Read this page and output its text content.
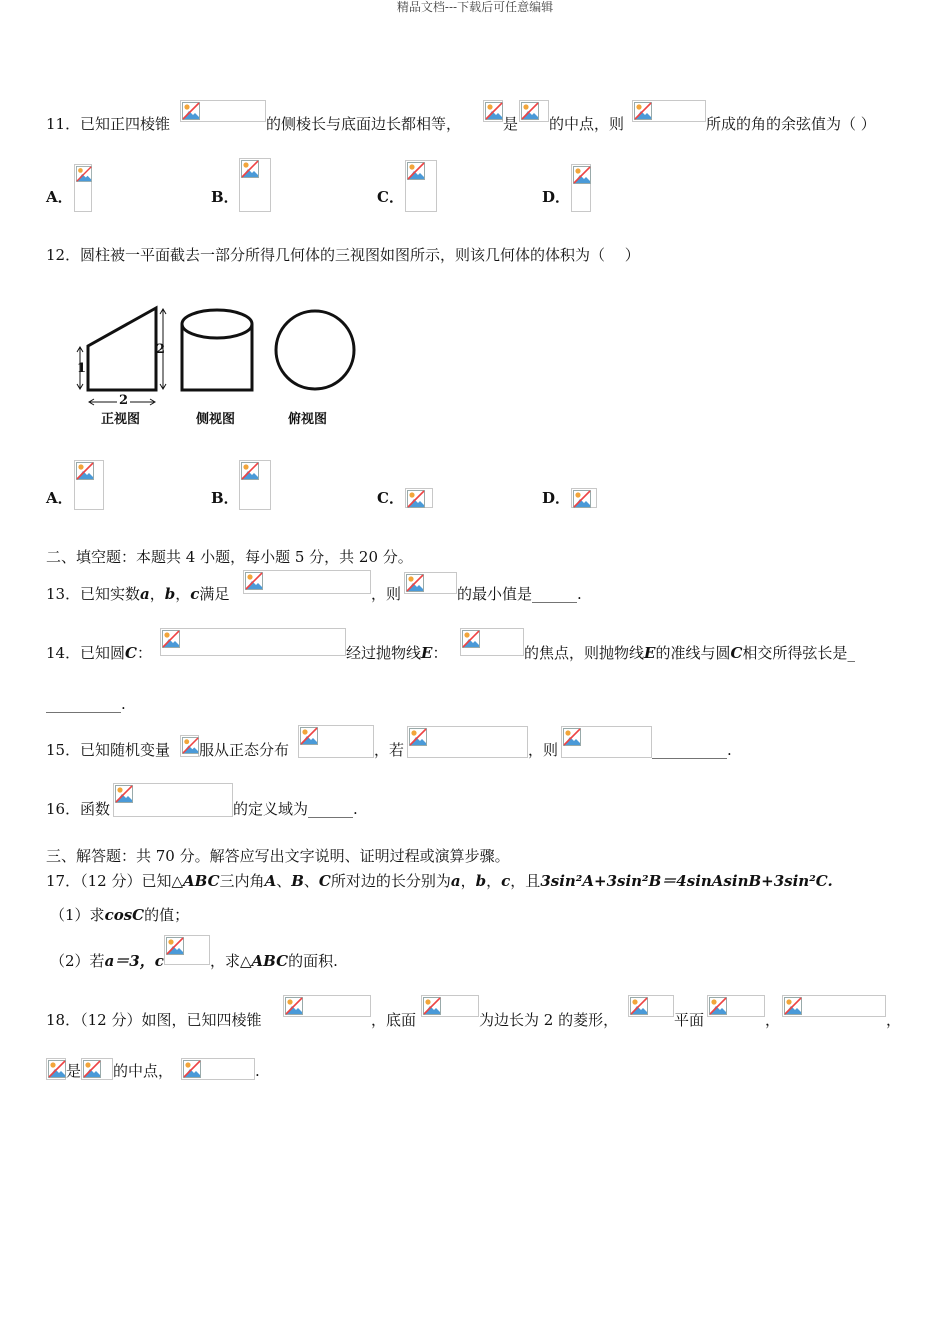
精品文档---下载后可任意编辑
11． 已知正四棱锥	的侧棱长与底面边长都相等，	是 的中点，则	所成的角的余弦值为（ ）
A．	B．	C．	D．
12． 圆柱被一平面截去一部分所得几何体的三视图如图所示，则该几何体的体积为（　 ）
1
2
2
正视图	侧视图	俯视图
A．	B．	C．	D．
二、填空题：本题共 4 小题，每小题 5 分，共 20 分。
13． 已知实数a，b，c满足	，则	的最小值是______.
14． 已知圆C：	经过抛物线E：	的焦点，则抛物线E的准线与圆C相交所得弦长是_
__________.
15． 已知随机变量 服从正态分布	，若	，则	__________.
16． 函数	的定义域为______.
三、解答题：共 70 分。解答应写出文字说明、证明过程或演算步骤。
17．（12 分）已知△ABC三内角A、B、C所对边的长分别为a，b，c，且3sin²A+3sin²B＝4sinAsinB+3sin²C.
（1）求cosC的值；
（2）若a＝3，c	，求△ABC的面积.
18．（12 分）如图，已知四棱锥	，底面	为边长为 2 的菱形，	平面	，	，
是 的中点，	.
